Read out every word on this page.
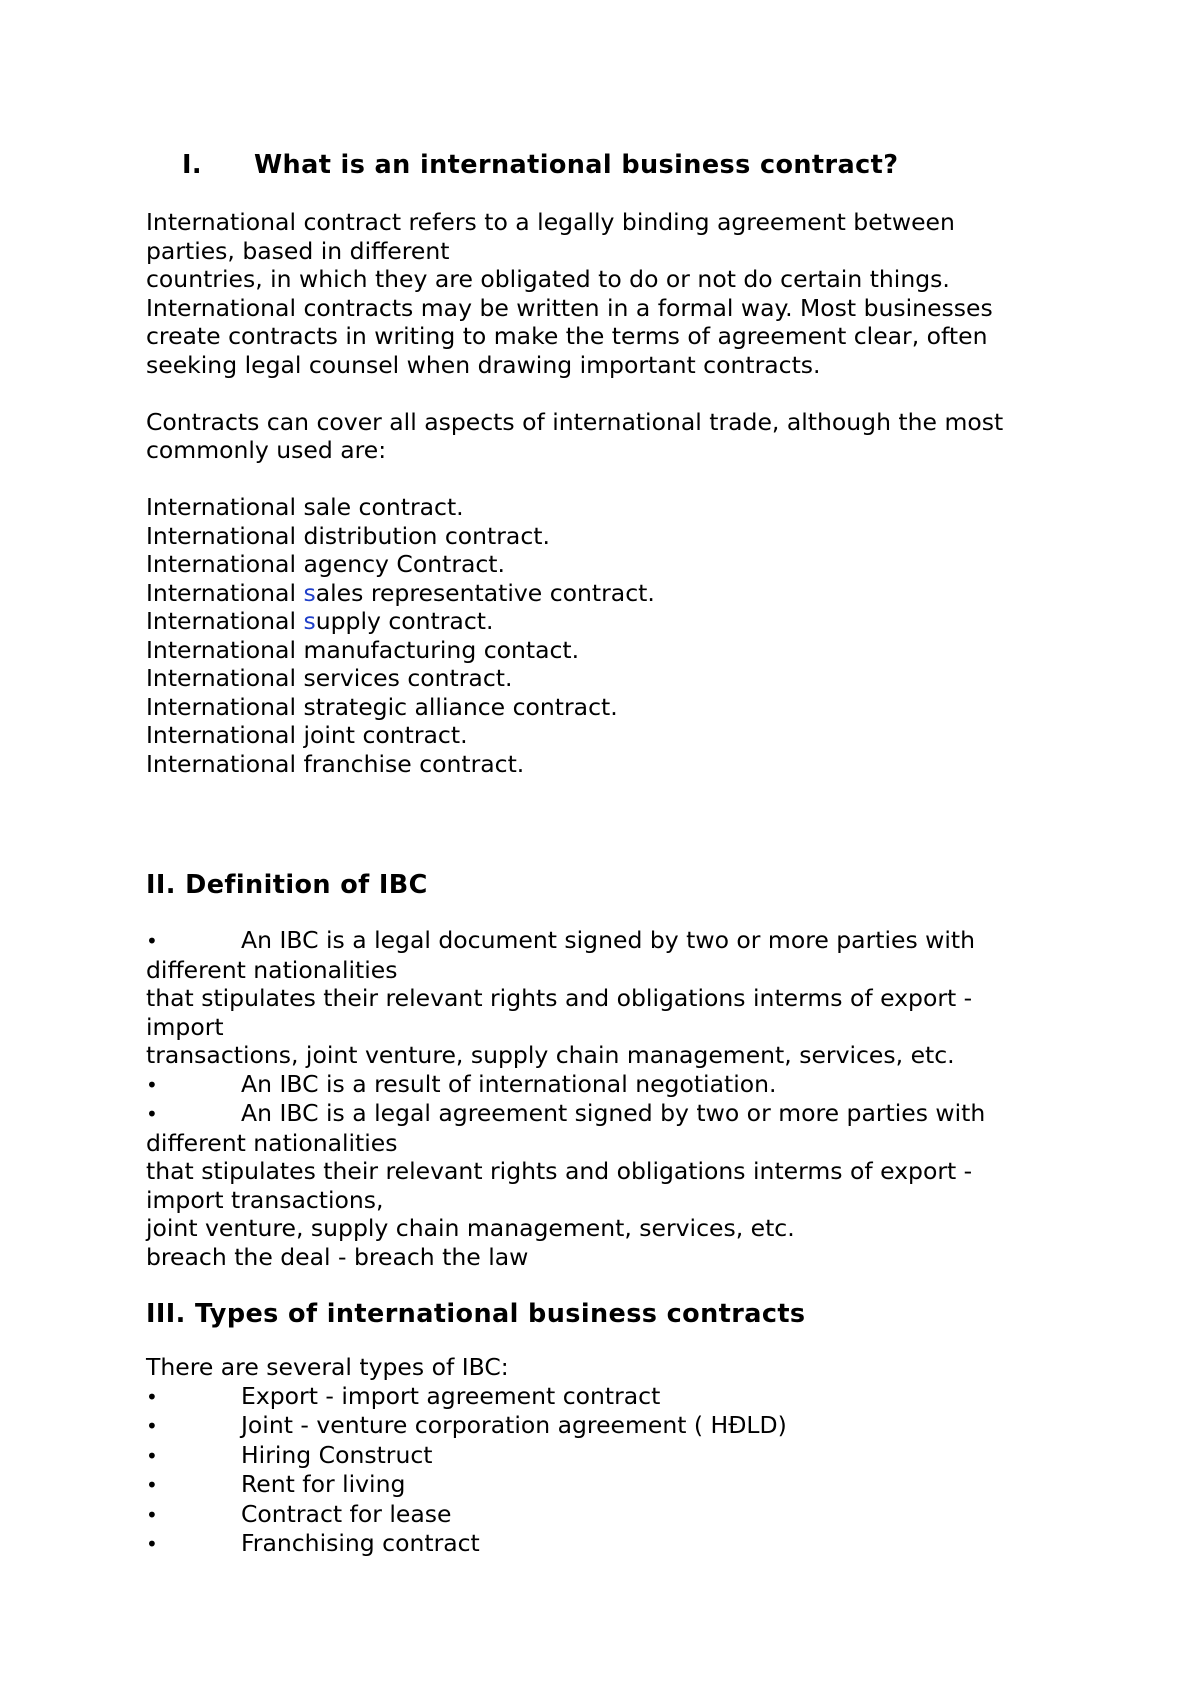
I.	What is an international business contract?
International contract refers to a legally binding agreement between
parties, based in different
countries, in which they are obligated to do or not do certain things.
International contracts may be written in a formal way. Most businesses
create contracts in writing to make the terms of agreement clear, often
seeking legal counsel when drawing important contracts.
Contracts can cover all aspects of international trade, although the most
commonly used are:
International sale contract.
International distribution contract.
International agency Contract.
International sales representative contract.
International supply contract.
International manufacturing contact.
International services contract.
International strategic alliance contract.
International joint contract.
International franchise contract.
II. Definition of IBC
•	An IBC is a legal document signed by two or more parties with
different nationalities
that stipulates their relevant rights and obligations interms of export -
import
transactions, joint venture, supply chain management, services, etc.
•	An IBC is a result of international negotiation.
•	An IBC is a legal agreement signed by two or more parties with
different nationalities
that stipulates their relevant rights and obligations interms of export -
import transactions,
joint venture, supply chain management, services, etc.
breach the deal - breach the law
III. Types of international business contracts
There are several types of IBC:
•	Export - import agreement contract
•	Joint - venture corporation agreement ( HĐLD)
•	Hiring Construct
•	Rent for living
•	Contract for lease
•	Franchising contract
